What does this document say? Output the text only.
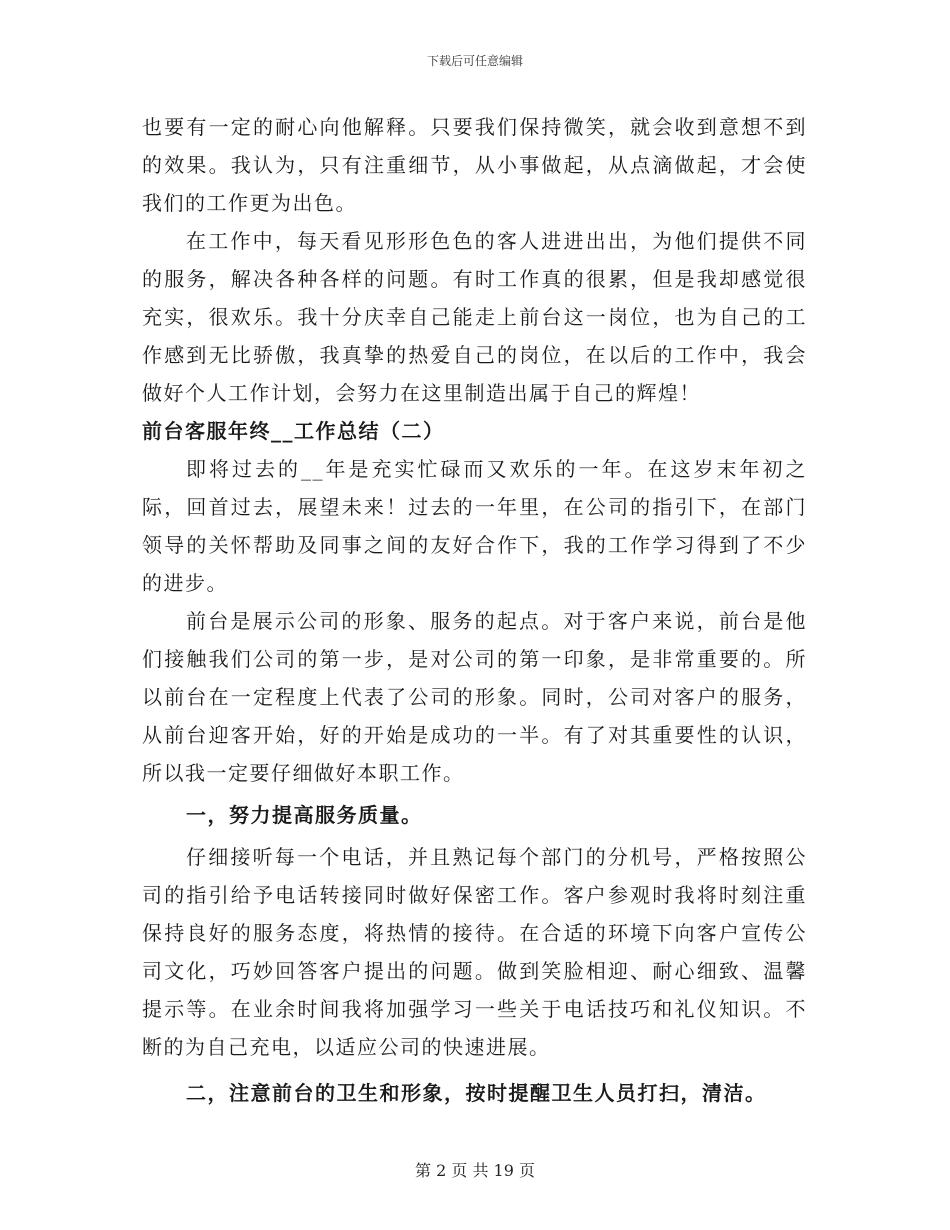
下载后可任意编辑

也要有一定的耐心向他解释。只要我们保持微笑，就会收到意想不到的效果。我认为，只有注重细节，从小事做起，从点滴做起，才会使我们的工作更为出色。

在工作中，每天看见形形色色的客人进进出出，为他们提供不同的服务，解决各种各样的问题。有时工作真的很累，但是我却感觉很充实，很欢乐。我十分庆幸自己能走上前台这一岗位，也为自己的工作感到无比骄傲，我真挚的热爱自己的岗位，在以后的工作中，我会做好个人工作计划，会努力在这里制造出属于自己的辉煌！

前台客服年终__工作总结（二）

即将过去的__年是充实忙碌而又欢乐的一年。在这岁末年初之际，回首过去，展望未来！过去的一年里，在公司的指引下，在部门领导的关怀帮助及同事之间的友好合作下，我的工作学习得到了不少的进步。

前台是展示公司的形象、服务的起点。对于客户来说，前台是他们接触我们公司的第一步，是对公司的第一印象，是非常重要的。所以前台在一定程度上代表了公司的形象。同时，公司对客户的服务，从前台迎客开始，好的开始是成功的一半。有了对其重要性的认识，所以我一定要仔细做好本职工作。

一，努力提高服务质量。

仔细接听每一个电话，并且熟记每个部门的分机号，严格按照公司的指引给予电话转接同时做好保密工作。客户参观时我将时刻注重保持良好的服务态度，将热情的接待。在合适的环境下向客户宣传公司文化，巧妙回答客户提出的问题。做到笑脸相迎、耐心细致、温馨提示等。在业余时间我将加强学习一些关于电话技巧和礼仪知识。不断的为自己充电，以适应公司的快速进展。

二，注意前台的卫生和形象，按时提醒卫生人员打扫，清洁。

第 2 页 共 19 页
